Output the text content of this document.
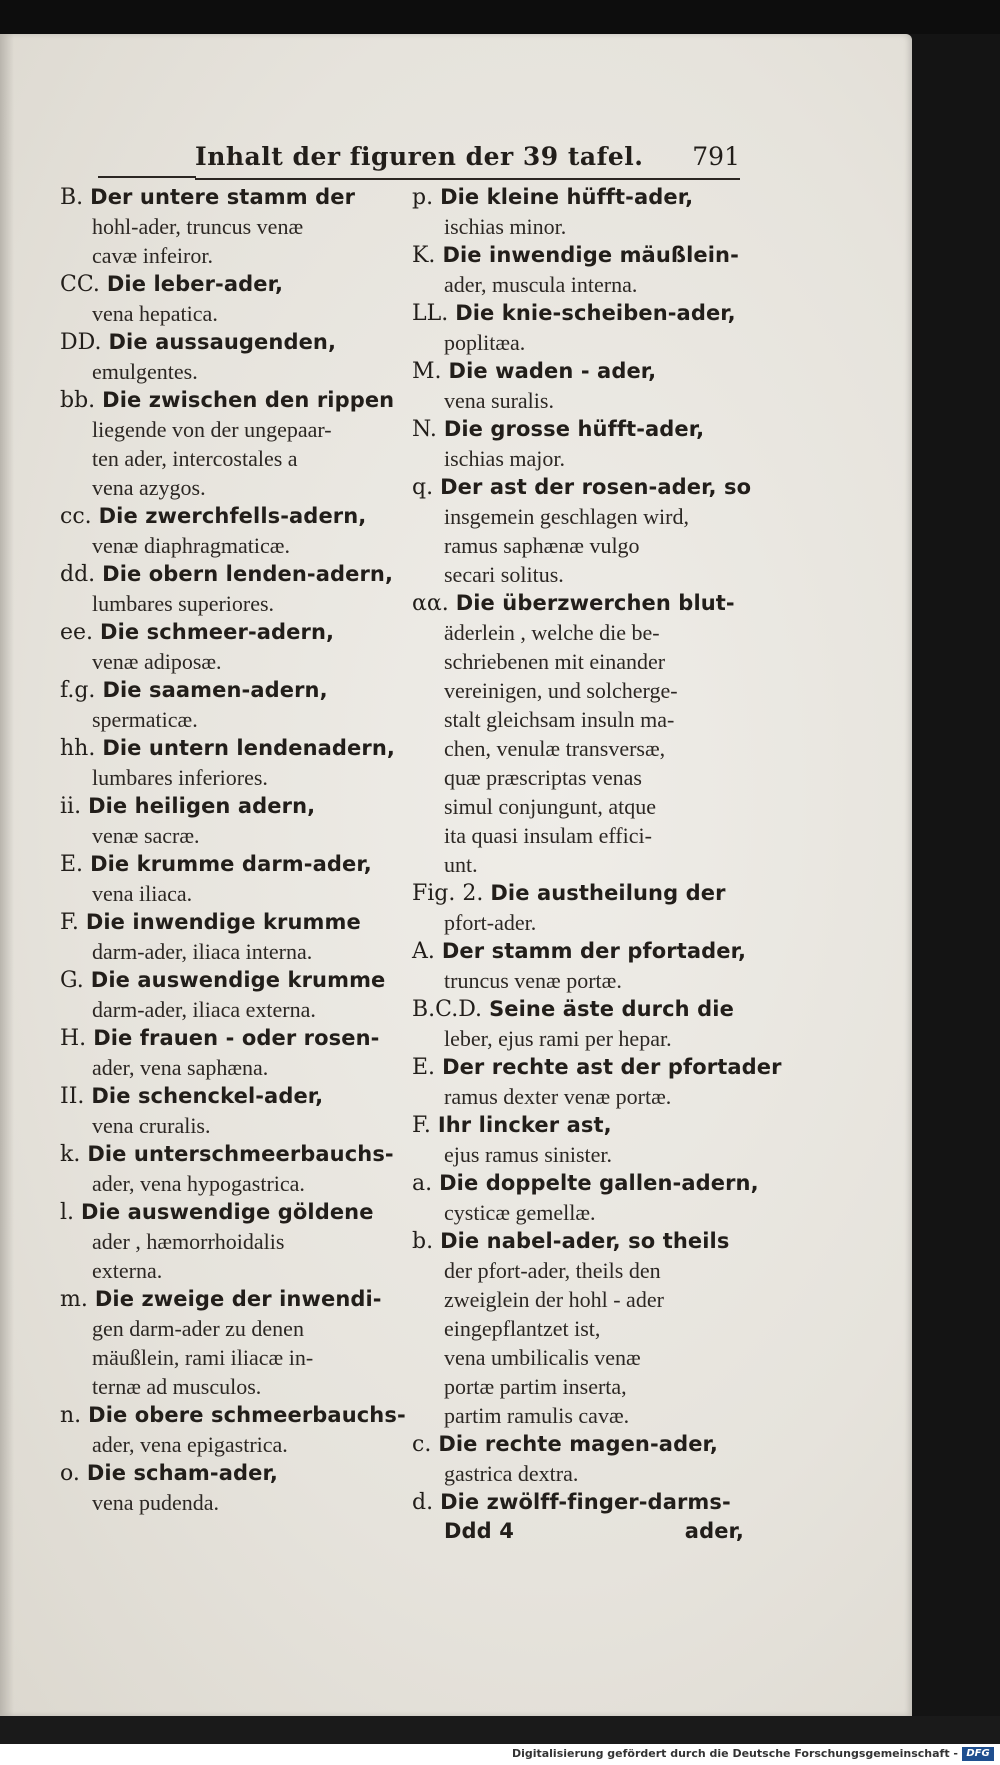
Inhalt der figuren der 39 tafel. 791
B. Der untere stamm der
hohl-ader, truncus venæ
cavæ infeiror.
CC. Die leber-ader,
vena hepatica.
DD. Die aussaugenden,
emulgentes.
bb. Die zwischen den rippen
liegende von der ungepaar-
ten ader, intercostales a
vena azygos.
cc. Die zwerchfells-adern,
venæ diaphragmaticæ.
dd. Die obern lenden-adern,
lumbares superiores.
ee. Die schmeer-adern,
venæ adiposæ.
f.g. Die saamen-adern,
spermaticæ.
hh. Die untern lendenadern,
lumbares inferiores.
ii. Die heiligen adern,
venæ sacræ.
E. Die krumme darm-ader,
vena iliaca.
F. Die inwendige krumme
darm-ader, iliaca interna.
G. Die auswendige krumme
darm-ader, iliaca externa.
H. Die frauen - oder rosen-
ader, vena saphæna.
II. Die schenckel-ader,
vena cruralis.
k. Die unterschmeerbauchs-
ader, vena hypogastrica.
l. Die auswendige göldene
ader , hæmorrhoidalis
externa.
m. Die zweige der inwendi-
gen darm-ader zu denen
mäußlein, rami iliacæ in-
ternæ ad musculos.
n. Die obere schmeerbauchs-
ader, vena epigastrica.
o. Die scham-ader,
vena pudenda.
p. Die kleine hüfft-ader,
ischias minor.
K. Die inwendige mäußlein-
ader, muscula interna.
LL. Die knie-scheiben-ader,
poplitæa.
M. Die waden - ader,
vena suralis.
N. Die grosse hüfft-ader,
ischias major.
q. Der ast der rosen-ader, so
insgemein geschlagen wird,
ramus saphænæ vulgo
secari solitus.
αα. Die überzwerchen blut-
äderlein , welche die be-
schriebenen mit einander
vereinigen, und solcherge-
stalt gleichsam insuln ma-
chen, venulæ transversæ,
quæ præscriptas venas
simul conjungunt, atque
ita quasi insulam effici-
unt.
Fig. 2. Die austheilung der
pfort-ader.
A. Der stamm der pfortader,
truncus venæ portæ.
B.C.D. Seine äste durch die
leber, ejus rami per hepar.
E. Der rechte ast der pfortader
ramus dexter venæ portæ.
F. Ihr lincker ast,
ejus ramus sinister.
a. Die doppelte gallen-adern,
cysticæ gemellæ.
b. Die nabel-ader, so theils
der pfort-ader, theils den
zweiglein der hohl - ader
eingepflantzet ist,
vena umbilicalis venæ
portæ partim inserta,
partim ramulis cavæ.
c. Die rechte magen-ader,
gastrica dextra.
d. Die zwölff-finger-darms-
Ddd 4	ader,
Digitalisierung gefördert durch die Deutsche Forschungsgemeinschaft - DFG
